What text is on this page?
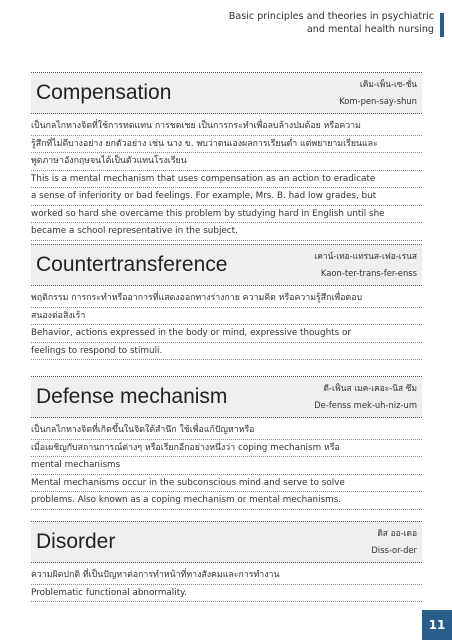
Basic principles and theories in psychiatric
and mental health nursing
Compensation	เคิม-เพ็น-เซ-ชั่น
Kom-pen-say-shun

เป็นกลไกทางจิตที่ใช้การทดแทน การชดเชย เป็นการกระทำเพื่อลบล้างปมด้อย หรือความ

รู้สึกที่ไม่ดีบางอย่าง ยกตัวอย่าง เช่น นาง ข. พบว่าตนเองผลการเรียนต่ำ แต่พยายามเรียนและ

พูดภาษาอังกฤษจนได้เป็นตัวแทนโรงเรียน

This is a mental mechanism that uses compensation as an action to eradicate

a sense of inferiority or bad feelings. For example, Mrs. B. had low grades, but

worked so hard she overcame this problem by studying hard in English until she

became a school representative in the subject.

Countertransference	เคาน์-เทอ-แทรนส-เฟอ-เรนส
Kaon-ter-trans-fer-enss

พฤติกรรม การกระทำหรืออาการที่แสดงออกทางร่างกาย ความคิด หรือความรู้สึกเพื่อตอบ

สนองต่อสิ่งเร้า

Behavior, actions expressed in the body or mind, expressive thoughts or

feelings to respond to stimuli.

Defense mechanism	ดี-เฟ็นส เมค-เคอะ-นิส ซึม
De-fenss mek-uh-niz-um

เป็นกลไกทางจิตที่เกิดขึ้นในจิตใต้สำนึก ใช้เพื่อแก้ปัญหาหรือ

เมื่อเผชิญกับสถานการณ์ต่างๆ หรือเรียกอีกอย่างหนึ่งว่า coping mechanism หรือ

mental mechanisms

Mental mechanisms occur in the subconscious mind and serve to solve

problems. Also known as a coping mechanism or mental mechanisms.

Disorder	ดิส ออ-เดอ
Diss-or-der

ความผิดปกติ ที่เป็นปัญหาต่อการทำหน้าที่ทางสังคมและการทำงาน

Problematic functional abnormality.

11
